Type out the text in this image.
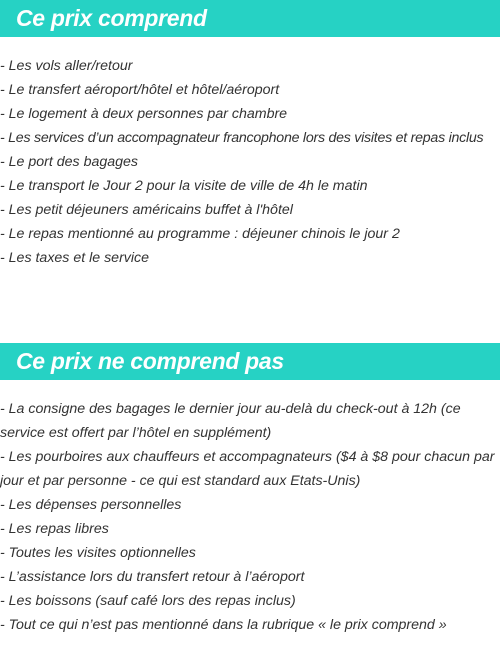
Ce prix comprend
- Les vols aller/retour
- Le transfert aéroport/hôtel et hôtel/aéroport
- Le logement à deux personnes par chambre
- Les services d’un accompagnateur francophone lors des visites et repas inclus
- Le port des bagages
- Le transport le Jour 2 pour la visite de ville de 4h le matin
- Les petit déjeuners américains buffet à l'hôtel
- Le repas mentionné au programme : déjeuner chinois le jour 2
- Les taxes et le service
Ce prix ne comprend pas
- La consigne des bagages le dernier jour au-delà du check-out à 12h (ce service est offert par l’hôtel en supplément)
- Les pourboires aux chauffeurs et accompagnateurs ($4 à $8 pour chacun par jour et par personne - ce qui est standard aux Etats-Unis)
- Les dépenses personnelles
- Les repas libres
- Toutes les visites optionnelles
- L’assistance lors du transfert retour à l’aéroport
- Les boissons (sauf café lors des repas inclus)
- Tout ce qui n’est pas mentionné dans la rubrique « le prix comprend »
